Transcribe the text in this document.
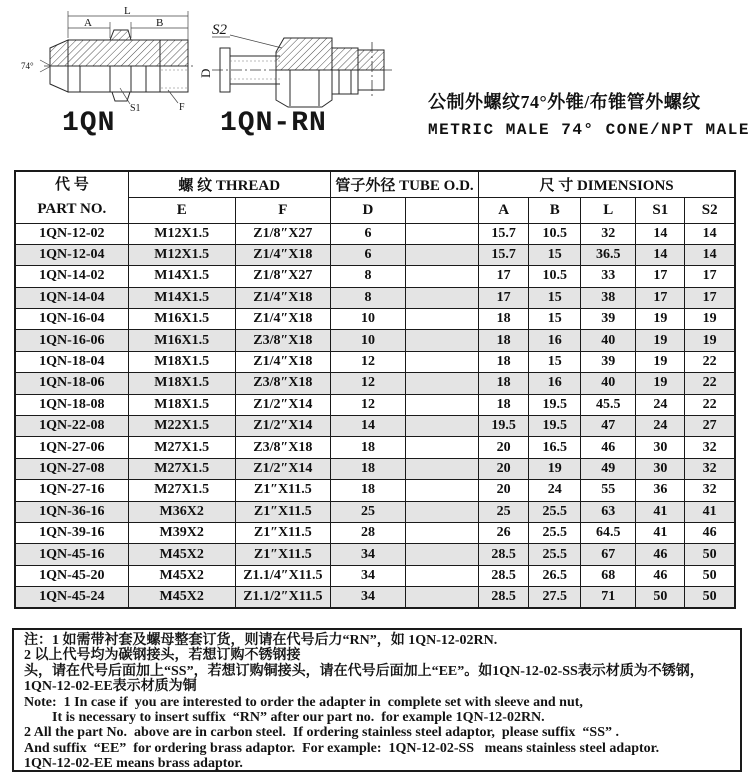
L
A	B
74°
S1	F
1QN
S2
D
1QN-RN
公制外螺纹74°外锥/布锥管外螺纹
METRIC MALE 74° CONE/NPT MALE
代 号
PART NO.	螺 纹 THREAD		管子外径 TUBE O.D.		尺 寸 DIMENSIONS				
	E	F	D		A	B	L	S1	S2
1QN-12-02	M12X1.5	Z1/8″X27	6		15.7	10.5	32	14	14
1QN-12-04	M12X1.5	Z1/4″X18	6		15.7	15	36.5	14	14
1QN-14-02	M14X1.5	Z1/8″X27	8		17	10.5	33	17	17
1QN-14-04	M14X1.5	Z1/4″X18	8		17	15	38	17	17
1QN-16-04	M16X1.5	Z1/4″X18	10		18	15	39	19	19
1QN-16-06	M16X1.5	Z3/8″X18	10		18	16	40	19	19
1QN-18-04	M18X1.5	Z1/4″X18	12		18	15	39	19	22
1QN-18-06	M18X1.5	Z3/8″X18	12		18	16	40	19	22
1QN-18-08	M18X1.5	Z1/2″X14	12		18	19.5	45.5	24	22
1QN-22-08	M22X1.5	Z1/2″X14	14		19.5	19.5	47	24	27
1QN-27-06	M27X1.5	Z3/8″X18	18		20	16.5	46	30	32
1QN-27-08	M27X1.5	Z1/2″X14	18		20	19	49	30	32
1QN-27-16	M27X1.5	Z1″X11.5	18		20	24	55	36	32
1QN-36-16	M36X2	Z1″X11.5	25		25	25.5	63	41	41
1QN-39-16	M39X2	Z1″X11.5	28		26	25.5	64.5	41	46
1QN-45-16	M45X2	Z1″X11.5	34		28.5	25.5	67	46	50
1QN-45-20	M45X2	Z1.1/4″X11.5	34		28.5	26.5	68	46	50
1QN-45-24	M45X2	Z1.1/2″X11.5	34		28.5	27.5	71	50	50
注：1 如需带衬套及螺母整套订货，则请在代号后力“RN”，如 1QN-12-02RN.
2 以上代号均为碳钢接头，若想订购不锈钢接
头，请在代号后面加上“SS”，若想订购铜接头，请在代号后面加上“EE”。如1QN-12-02-SS表示材质为不锈钢，
1QN-12-02-EE表示材质为铜
Note:  1 In case if  you are interested to order the adapter in  complete set with sleeve and nut,
It is necessary to insert suffix  “RN” after our part no.  for example 1QN-12-02RN.
2 All the part No.  above are in carbon steel.  If ordering stainless steel adaptor,  please suffix  “SS” .
And suffix  “EE”  for ordering brass adaptor.  For example:  1QN-12-02-SS   means stainless steel adaptor.
1QN-12-02-EE means brass adaptor.
